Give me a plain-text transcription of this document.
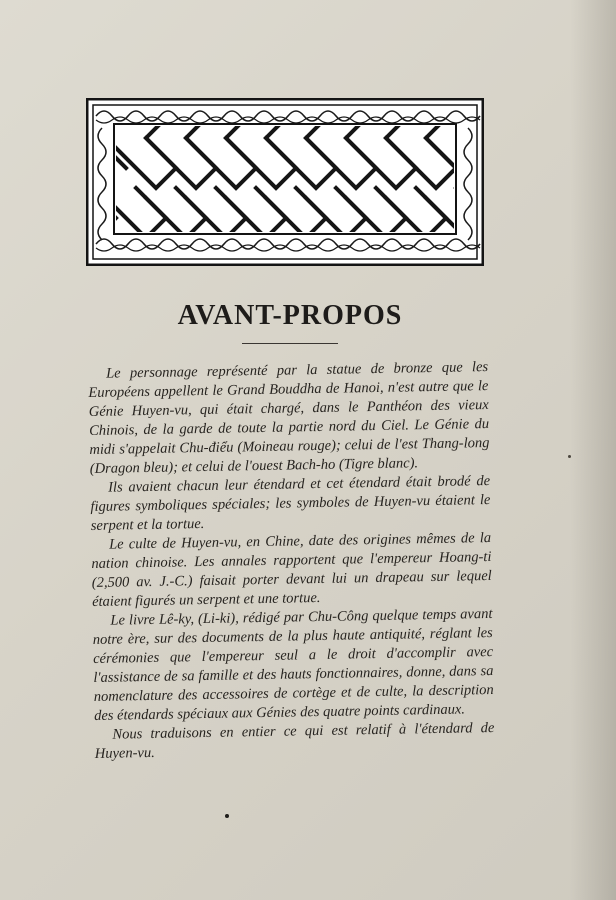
AVANT-PROPOS

Le personnage représenté par la statue de bronze que les Européens appellent le Grand Bouddha de Hanoi, n'est autre que le Génie Huyen-vu, qui était chargé, dans le Panthéon des vieux Chinois, de la garde de toute la partie nord du Ciel. Le Génie du midi s'appelait Chu-điểu (Moineau rouge); celui de l'est Thang-long (Dragon bleu); et celui de l'ouest Bach-ho (Tigre blanc).

Ils avaient chacun leur étendard et cet étendard était brodé de figures symboliques spéciales; les symboles de Huyen-vu étaient le serpent et la tortue.

Le culte de Huyen-vu, en Chine, date des origines mêmes de la nation chinoise. Les annales rapportent que l'empereur Hoang-ti (2,500 av. J.-C.) faisait porter devant lui un drapeau sur lequel étaient figurés un serpent et une tortue.

Le livre Lê-ky, (Li-ki), rédigé par Chu-Công quelque temps avant notre ère, sur des documents de la plus haute antiquité, réglant les cérémonies que l'empereur seul a le droit d'accomplir avec l'assistance de sa famille et des hauts fonctionnaires, donne, dans sa nomenclature des accessoires de cortège et de culte, la description des étendards spéciaux aux Génies des quatre points cardinaux.

Nous traduisons en entier ce qui est relatif à l'étendard de Huyen-vu.
